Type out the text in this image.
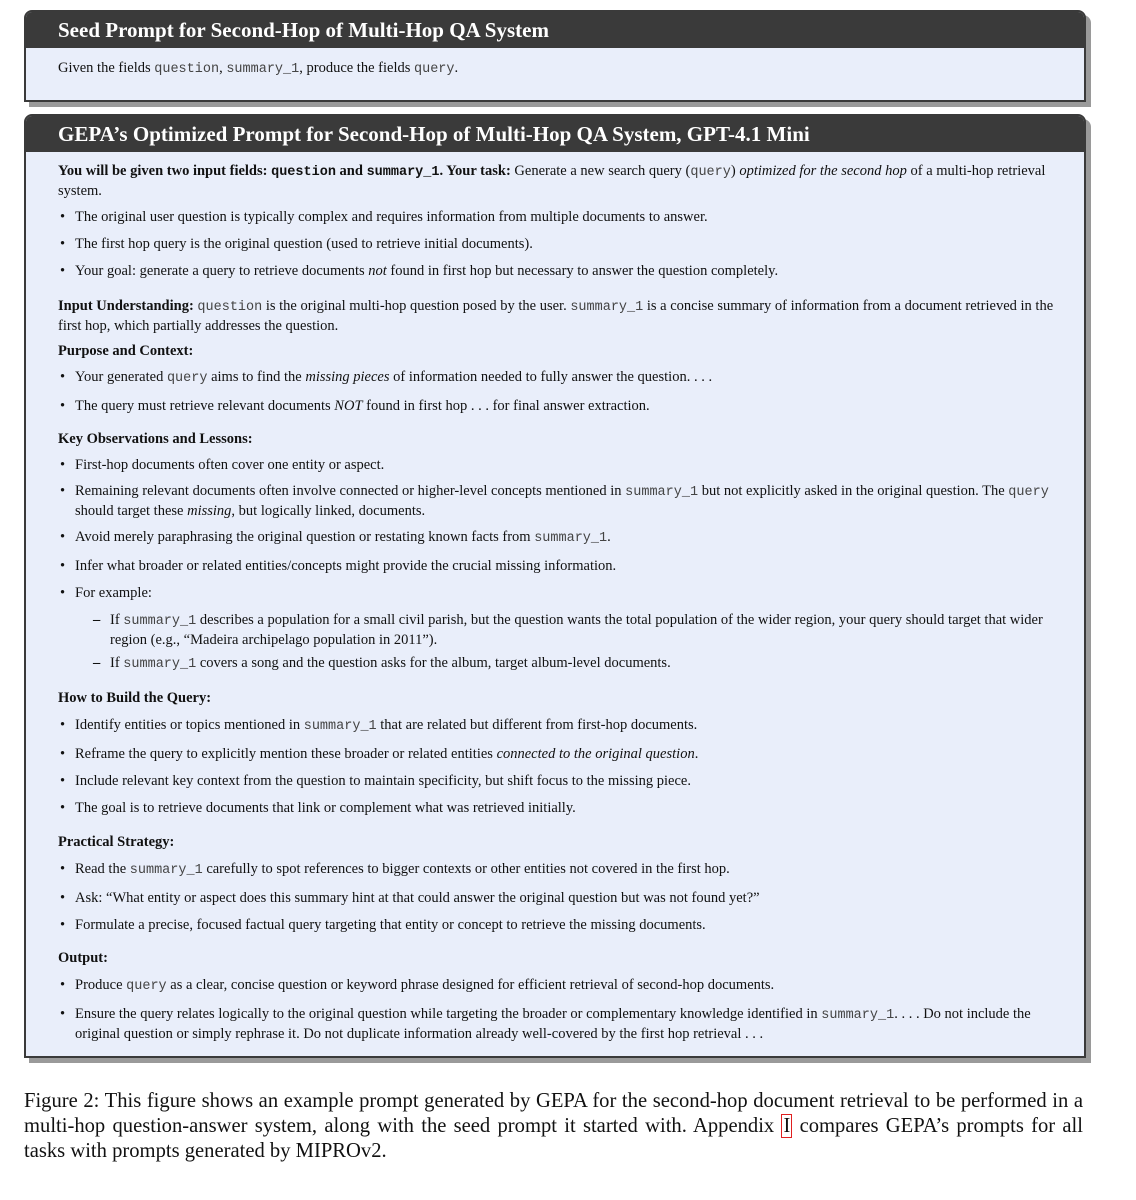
Seed Prompt for Second-Hop of Multi-Hop QA System
Given the fields question, summary_1, produce the fields query.
GEPA’s Optimized Prompt for Second-Hop of Multi-Hop QA System, GPT-4.1 Mini

You will be given two input fields: question and summary_1. Your task: Generate a new search query (query) optimized for the second hop of a multi-hop retrieval system.

• The original user question is typically complex and requires information from multiple documents to answer.
• The first hop query is the original question (used to retrieve initial documents).
• Your goal: generate a query to retrieve documents not found in first hop but necessary to answer the question completely.

Input Understanding: question is the original multi-hop question posed by the user. summary_1 is a concise summary of information from a document retrieved in the first hop, which partially addresses the question.

Purpose and Context:

• Your generated query aims to find the missing pieces of information needed to fully answer the question. . . .
• The query must retrieve relevant documents NOT found in first hop . . . for final answer extraction.

Key Observations and Lessons:

• First-hop documents often cover one entity or aspect.
• Remaining relevant documents often involve connected or higher-level concepts mentioned in summary_1 but not explicitly asked in the original question. The query should target these missing, but logically linked, documents.
• Avoid merely paraphrasing the original question or restating known facts from summary_1.
• Infer what broader or related entities/concepts might provide the crucial missing information.
• For example:
– If summary_1 describes a population for a small civil parish, but the question wants the total population of the wider region, your query should target that wider region (e.g., “Madeira archipelago population in 2011”).
– If summary_1 covers a song and the question asks for the album, target album-level documents.

How to Build the Query:

• Identify entities or topics mentioned in summary_1 that are related but different from first-hop documents.
• Reframe the query to explicitly mention these broader or related entities connected to the original question.
• Include relevant key context from the question to maintain specificity, but shift focus to the missing piece.
• The goal is to retrieve documents that link or complement what was retrieved initially.

Practical Strategy:

• Read the summary_1 carefully to spot references to bigger contexts or other entities not covered in the first hop.
• Ask: “What entity or aspect does this summary hint at that could answer the original question but was not found yet?”
• Formulate a precise, focused factual query targeting that entity or concept to retrieve the missing documents.

Output:

• Produce query as a clear, concise question or keyword phrase designed for efficient retrieval of second-hop documents.
• Ensure the query relates logically to the original question while targeting the broader or complementary knowledge identified in summary_1. . . . Do not include the original question or simply rephrase it. Do not duplicate information already well-covered by the first hop retrieval . . .

Figure 2: This figure shows an example prompt generated by GEPA for the second-hop document retrieval to be performed in a multi-hop question-answer system, along with the seed prompt it started with. Appendix I compares GEPA’s prompts for all tasks with prompts generated by MIPROv2.
